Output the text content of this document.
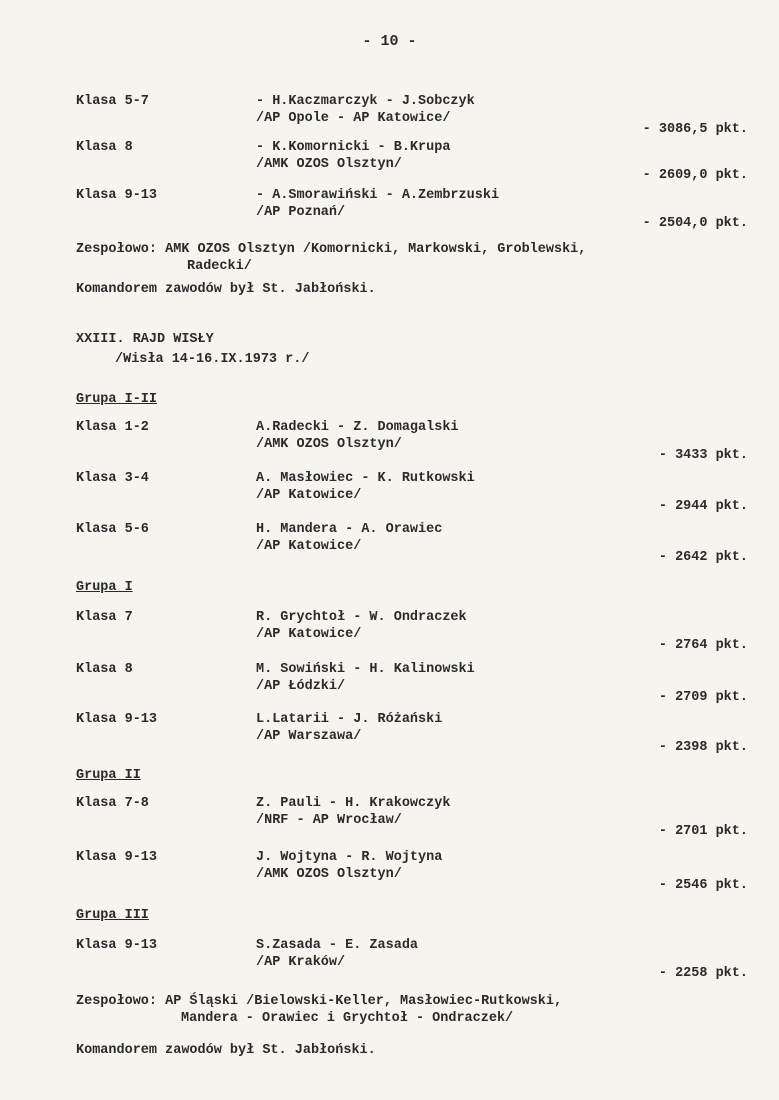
- 10 -
Klasa 5-7	- H.Kaczmarczyk - J.Sobczyk
/AP Opole - AP Katowice/
- 3086,5 pkt.
Klasa 8	- K.Komornicki - B.Krupa
/AMK OZOS Olsztyn/
- 2609,0 pkt.
Klasa 9-13	- A.Smorawiński - A.Zembrzuski
/AP Poznań/
- 2504,0 pkt.
Zespołowo: AMK OZOS Olsztyn /Komornicki, Markowski, Groblewski,
Radecki/
Komandorem zawodów był St. Jabłoński.
XXIII. RAJD WISŁY
/Wisła 14-16.IX.1973 r./
Grupa I-II
Klasa 1-2	A.Radecki - Z. Domagalski
/AMK OZOS Olsztyn/
- 3433 pkt.
Klasa 3-4	A. Masłowiec - K. Rutkowski
/AP Katowice/
- 2944 pkt.
Klasa 5-6	H. Mandera - A. Orawiec
/AP Katowice/
- 2642 pkt.
Grupa I
Klasa 7	R. Grychtoł - W. Ondraczek
/AP Katowice/
- 2764 pkt.
Klasa 8	M. Sowiński - H. Kalinowski
/AP Łódzki/
- 2709 pkt.
Klasa 9-13	L.Latarii - J. Różański
/AP Warszawa/
- 2398 pkt.
Grupa II
Klasa 7-8	Z. Pauli - H. Krakowczyk
/NRF - AP Wrocław/
- 2701 pkt.
Klasa 9-13	J. Wojtyna - R. Wojtyna
/AMK OZOS Olsztyn/
- 2546 pkt.
Grupa III
Klasa 9-13	S.Zasada - E. Zasada
/AP Kraków/
- 2258 pkt.
Zespołowo: AP Śląski /Bielowski-Keller, Masłowiec-Rutkowski,
Mandera - Orawiec i Grychtoł - Ondraczek/
Komandorem zawodów był St. Jabłoński.
